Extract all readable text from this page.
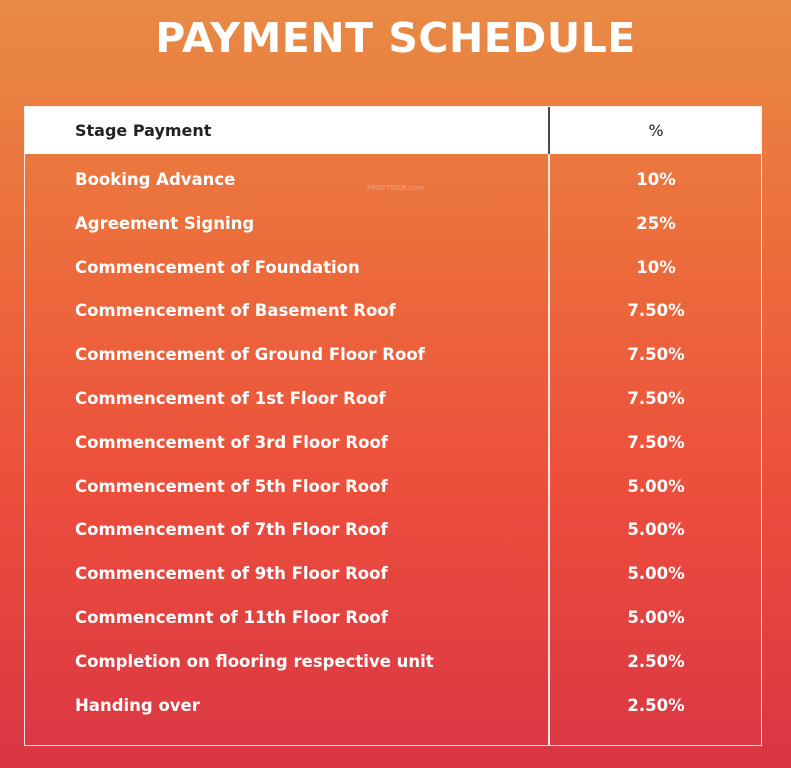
PAYMENT SCHEDULE
Stage Payment	%
PROPTIGER.com
Booking Advance	10%
Agreement Signing	25%
Commencement of Foundation	10%
Commencement of Basement Roof	7.50%
Commencement of Ground Floor Roof	7.50%
Commencement of 1st Floor Roof	7.50%
Commencement of 3rd Floor Roof	7.50%
Commencement of 5th Floor Roof	5.00%
Commencement of 7th Floor Roof	5.00%
Commencement of 9th Floor Roof	5.00%
Commencemnt of 11th Floor Roof	5.00%
Completion on flooring respective unit	2.50%
Handing over	2.50%
